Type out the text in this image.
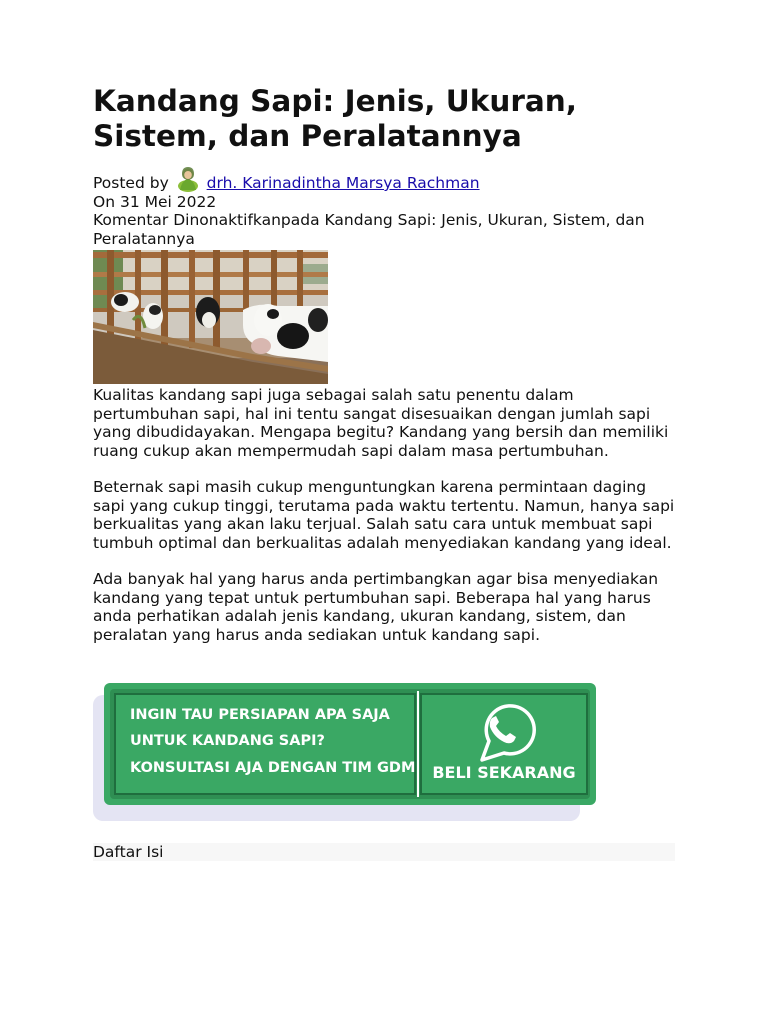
Kandang Sapi: Jenis, Ukuran, Sistem, dan Peralatannya
Posted by drh. Karinadintha Marsya Rachman
On 31 Mei 2022
Komentar Dinonaktifkanpada Kandang Sapi: Jenis, Ukuran, Sistem, dan Peralatannya

Kualitas kandang sapi juga sebagai salah satu penentu dalam pertumbuhan sapi, hal ini tentu sangat disesuaikan dengan jumlah sapi yang dibudidayakan. Mengapa begitu? Kandang yang bersih dan memiliki ruang cukup akan mempermudah sapi dalam masa pertumbuhan.

Beternak sapi masih cukup menguntungkan karena permintaan daging sapi yang cukup tinggi, terutama pada waktu tertentu. Namun, hanya sapi berkualitas yang akan laku terjual. Salah satu cara untuk membuat sapi tumbuh optimal dan berkualitas adalah menyediakan kandang yang ideal.

Ada banyak hal yang harus anda pertimbangkan agar bisa menyediakan kandang yang tepat untuk pertumbuhan sapi. Beberapa hal yang harus anda perhatikan adalah jenis kandang, ukuran kandang, sistem, dan peralatan yang harus anda sediakan untuk kandang sapi.

INGIN TAU PERSIAPAN APA SAJA
UNTUK KANDANG SAPI?
KONSULTASI AJA DENGAN TIM GDM BELI SEKARANG
Daftar Isi
